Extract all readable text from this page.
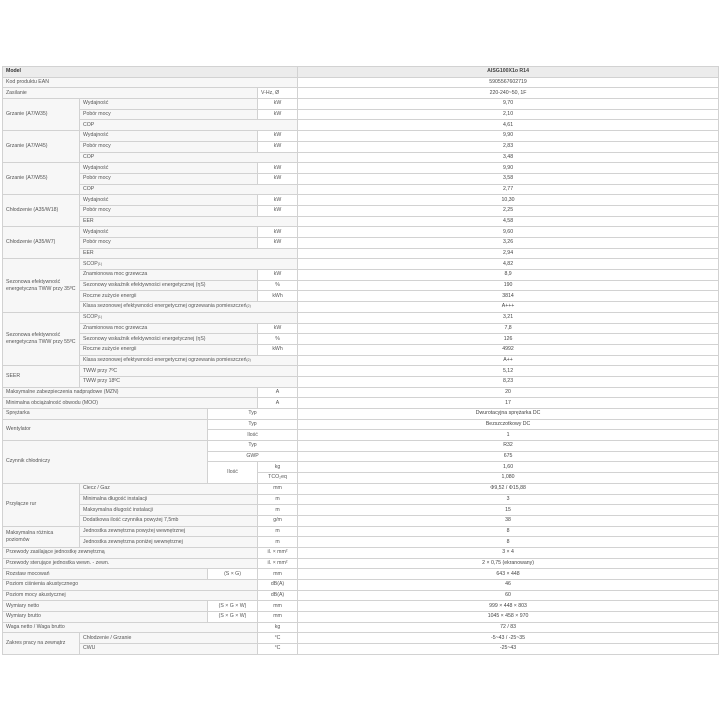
Model				AISG100X1o R14
Kod produktu EAN				5905567602719
Zasilanie			V-Hz, Ø	220-240~50, 1F
Grzanie (A7/W35)	Wydajność		kW	9,70
	Pobór mocy		kW	2,10
	COP			4,61
Grzanie (A7/W45)	Wydajność		kW	9,90
	Pobór mocy		kW	2,83
	COP			3,48
Grzanie (A7/W55)	Wydajność		kW	9,90
	Pobór mocy		kW	3,58
	COP			2,77
Chłodzenie (A35/W18)	Wydajność		kW	10,30
	Pobór mocy		kW	2,25
	EER			4,58
Chłodzenie (A35/W7)	Wydajność		kW	9,60
	Pobór mocy		kW	3,26
	EER			2,94
Sezonowa efektywność energetyczna TWW przy 35ºC	SCOP$^{(1)}$			4,82
	Znamionowa moc grzewcza		kW	8,9
	Sezonowy wskaźnik efektywności energetycznej (ηS)		%	190
	Roczne zużycie energii		kWh	3814
	Klasa sezonowej efektywności energetycznej ogrzewania pomieszczeń$^{(2)}$			A+++
Sezonowa efektywność energetyczna TWW przy 55ºC	SCOP$^{(1)}$			3,21
	Znamionowa moc grzewcza		kW	7,8
	Sezonowy wskaźnik efektywności energetycznej (ηS)		%	126
	Roczne zużycie energii		kWh	4992
	Klasa sezonowej efektywności energetycznej ogrzewania pomieszczeń$^{(2)}$			A++
SEER	TWW przy 7ºC			5,12
	TWW przy 18ºC			8,23
Maksymalne zabezpieczenia nadprądowe (MZN)			A	20
Minimalna obciążalność obwodu (MOO)			A	17
Sprężarka		Typ		Dwurotacyjna sprężarka DC
Wentylator		Typ		Bezszczotkowy DC
		Ilość		1
Czynnik chłodniczy		Typ		R32
		GWP		675
		Ilość	kg	1,60
			TCO₂eq	1,080
Przyłącze rur	Ciecz / Gaz		mm	Φ9,52 / Φ15,88
	Minimalna długość instalacji		m	3
	Maksymalna długość instalacji		m	15
	Dodatkowa ilość czynnika powyżej 7,5mb		g/m	38
Maksymalna różnica poziomów	Jednostka zewnętrzna powyżej wewnętrznej		m	8
	Jednostka zewnętrzna poniżej wewnętrznej		m	8
Przewody zasilające jednostkę zewnętrzną			il. × mm²	3 × 4
Przewody sterujące jednostka wewn. - zewn.			il. × mm²	2 × 0,75 (ekranowany)
Rozstaw mocowań		(S × G)	mm	643 × 448
Poziom ciśnienia akustycznego			dB(A)	46
Poziom mocy akustycznej			dB(A)	60
Wymiary netto		(S × G × W)	mm	999 × 448 × 803
Wymiary brutto		(S × G × W)	mm	1045 × 458 × 970
Waga netto / Waga brutto			kg	72 / 83
Zakres pracy na zewnątrz	Chłodzenie / Grzanie		°C	-5~43 / -25~35
	CWU		°C	-25~43
